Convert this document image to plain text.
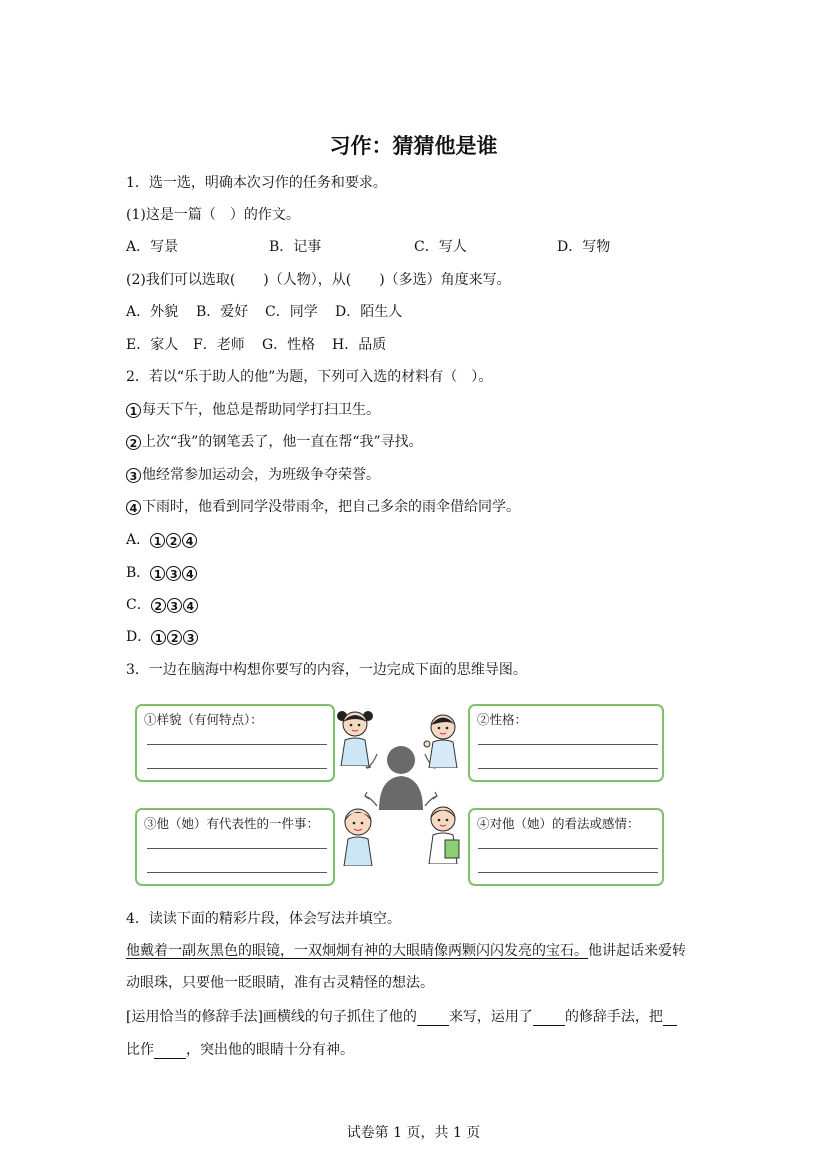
习作：猜猜他是谁
1．选一选，明确本次习作的任务和要求。
(1)这是一篇（　）的作文。
A．写景	B．记事	C．写人	D．写物
(2)我们可以选取(　　)（人物），从(　　)（多选）角度来写。
A．外貌 B．爱好 C．同学 D．陌生人
E．家人 F．老师 G．性格 H．品质
2．若以“乐于助人的他”为题，下列可入选的材料有（　）。
1 每天下午，他总是帮助同学打扫卫生。
2 上次“我”的钢笔丢了，他一直在帮“我”寻找。
3 他经常参加运动会，为班级争夺荣誉。
4 下雨时，他看到同学没带雨伞，把自己多余的雨伞借给同学。
A． 1 2 4
B． 1 3 4
C． 2 3 4
D． 1 2 3
3．一边在脑海中构想你要写的内容，一边完成下面的思维导图。
①样貌（有何特点）：	②性格：
③他（她）有代表性的一件事：	④对他（她）的看法或感情：
4．读读下面的精彩片段，体会写法并填空。
他戴着一副灰黑色的眼镜，一双炯炯有神的大眼睛像两颗闪闪发亮的宝石。他讲起话来爱转
动眼珠，只要他一眨眼睛，准有古灵精怪的想法。
[运用恰当的修辞手法]画横线的句子抓住了他的 来写，运用了 的修辞手法，把
比作 ，突出他的眼睛十分有神。
试卷第 1 页，共 1 页
